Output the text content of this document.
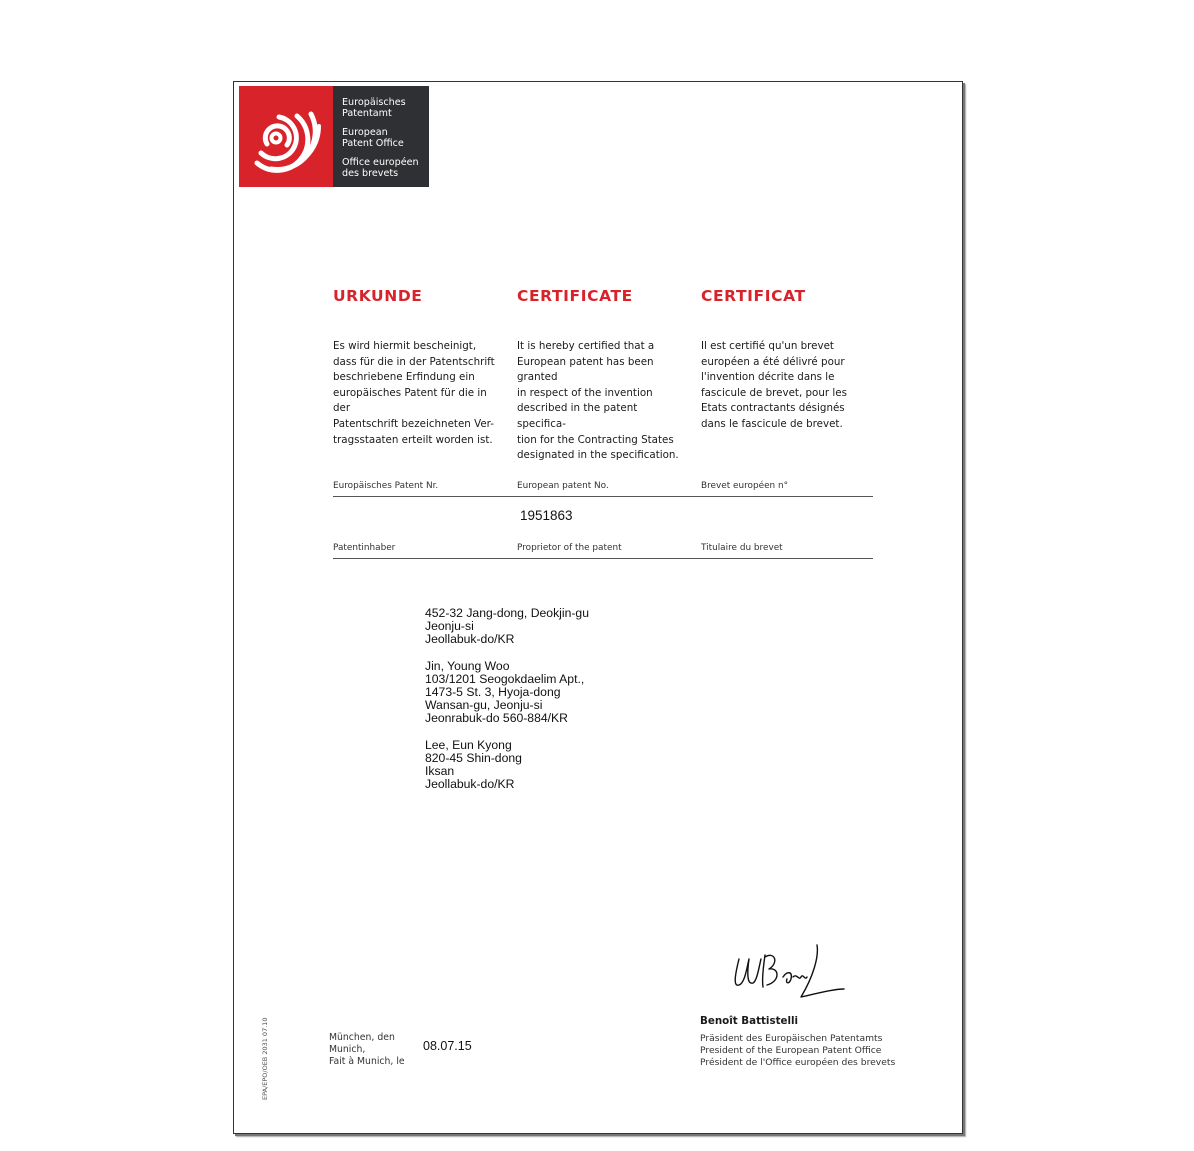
Europäisches
Patentamt
European
Patent Office
Office européen
des brevets
URKUNDE	CERTIFICATE	CERTIFICAT
Es wird hiermit bescheinigt,
dass für die in der Patentschrift
beschriebene Erfindung ein
europäisches Patent für die in der
Patentschrift bezeichneten Ver-
tragsstaaten erteilt worden ist.
It is hereby certified that a
European patent has been granted
in respect of the invention
described in the patent specifica-
tion for the Contracting States
designated in the specification.
Il est certifié qu'un brevet
européen a été délivré pour
l'invention décrite dans le
fascicule de brevet, pour les
Etats contractants désignés
dans le fascicule de brevet.
Europäisches Patent Nr.	European patent No.	Brevet européen n°
1951863
Patentinhaber	Proprietor of the patent	Titulaire du brevet
452-32 Jang-dong, Deokjin-gu
Jeonju-si
Jeollabuk-do/KR
Jin, Young Woo
103/1201 Seogokdaelim Apt.,
1473-5 St. 3, Hyoja-dong
Wansan-gu, Jeonju-si
Jeonrabuk-do 560-884/KR
Lee, Eun Kyong
820-45 Shin-dong
Iksan
Jeollabuk-do/KR
EPA/EPO/OEB 2031 07.10	München, den
Munich,
Fait à Munich, le
08.07.15
Benoît Battistelli
Präsident des Europäischen Patentamts
President of the European Patent Office
Président de l'Office européen des brevets
